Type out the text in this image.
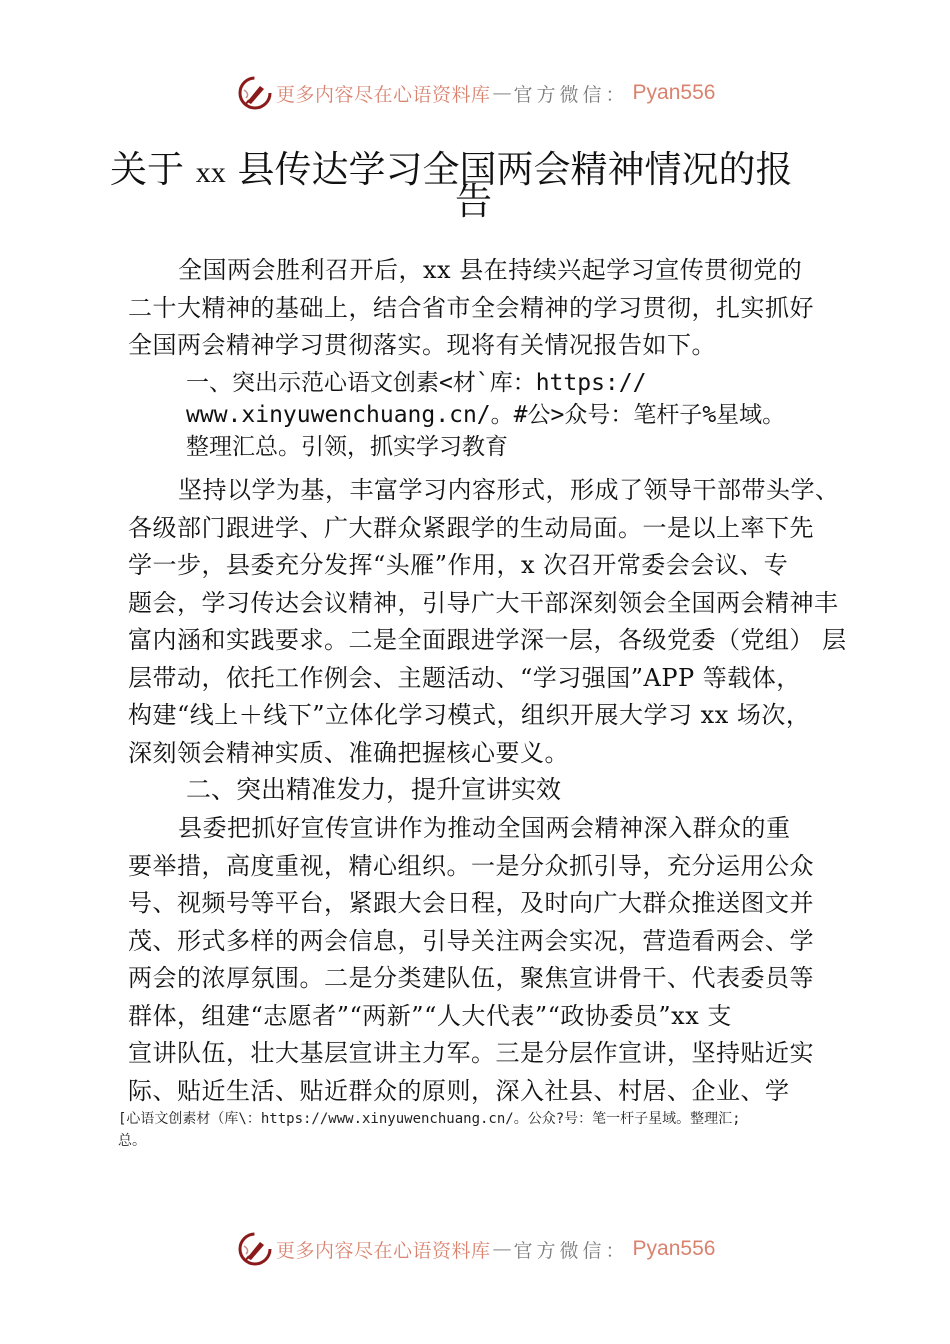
更多内容尽在心语资料库 — 官方微信： Pyan556
关于 xx 县传达学习全国两会精神情况的报
告
全国两会胜利召开后，xx 县在持续兴起学习宣传贯彻党的
二十大精神的基础上，结合省市全会精神的学习贯彻，扎实抓好
全国两会精神学习贯彻落实。现将有关情况报告如下。
一、突出示范心语文创素<材`库：https://
www.xinyuwenchuang.cn/。#公>众号：笔杆子%星域。
整理汇总。引领，抓实学习教育
坚持以学为基，丰富学习内容形式，形成了领导干部带头学、
各级部门跟进学、广大群众紧跟学的生动局面。一是以上率下先
学一步，县委充分发挥“头雁”作用，x 次召开常委会会议、专
题会，学习传达会议精神，引导广大干部深刻领会全国两会精神丰
富内涵和实践要求。二是全面跟进学深一层，各级党委（党组） 层
层带动，依托工作例会、主题活动、“学习强国”APP 等载体，
构建“线上＋线下”立体化学习模式，组织开展大学习 xx 场次，
深刻领会精神实质、准确把握核心要义。
二、突出精准发力，提升宣讲实效
县委把抓好宣传宣讲作为推动全国两会精神深入群众的重
要举措，高度重视，精心组织。一是分众抓引导，充分运用公众
号、视频号等平台，紧跟大会日程，及时向广大群众推送图文并
茂、形式多样的两会信息，引导关注两会实况，营造看两会、学
两会的浓厚氛围。二是分类建队伍，聚焦宣讲骨干、代表委员等
群体，组建“志愿者”“两新”“人大代表”“政协委员”xx 支
宣讲队伍，壮大基层宣讲主力军。三是分层作宣讲，坚持贴近实
际、贴近生活、贴近群众的原则，深入社县、村居、企业、学
[心语文创素材（库\：https://www.xinyuwenchuang.cn/。公众?号：笔一杆子星域。整理汇;
总。
更多内容尽在心语资料库 — 官方微信： Pyan556
